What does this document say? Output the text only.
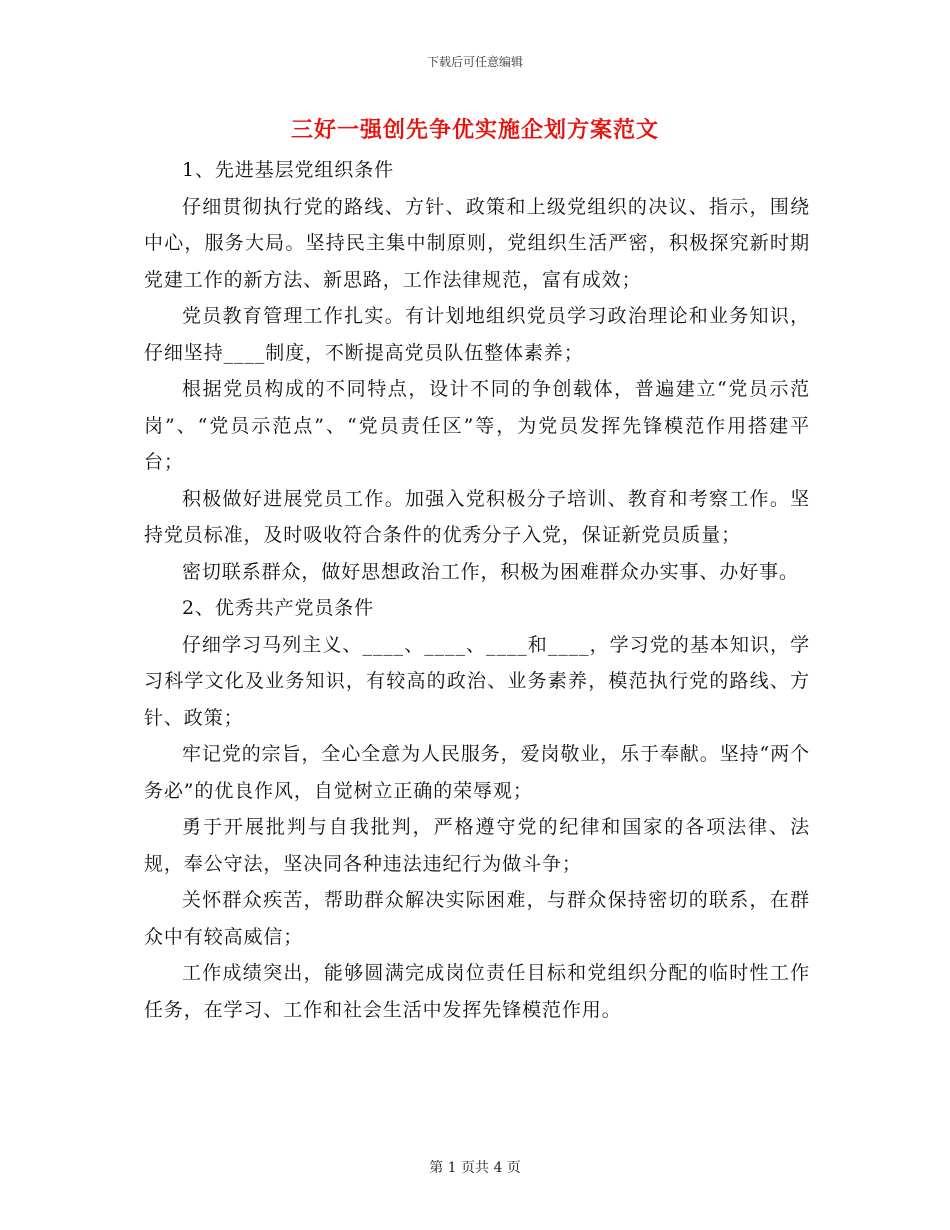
下载后可任意编辑
三好一强创先争优实施企划方案范文

1、先进基层党组织条件

仔细贯彻执行党的路线、方针、政策和上级党组织的决议、指示，围绕中心，服务大局。坚持民主集中制原则，党组织生活严密，积极探究新时期党建工作的新方法、新思路，工作法律规范，富有成效；

党员教育管理工作扎实。有计划地组织党员学习政治理论和业务知识，仔细坚持____制度，不断提高党员队伍整体素养；

根据党员构成的不同特点，设计不同的争创载体，普遍建立“党员示范岗”、“党员示范点”、“党员责任区”等，为党员发挥先锋模范作用搭建平台；

积极做好进展党员工作。加强入党积极分子培训、教育和考察工作。坚持党员标准，及时吸收符合条件的优秀分子入党，保证新党员质量；

密切联系群众，做好思想政治工作，积极为困难群众办实事、办好事。

2、优秀共产党员条件

仔细学习马列主义、____、____、____和____，学习党的基本知识，学习科学文化及业务知识，有较高的政治、业务素养，模范执行党的路线、方针、政策；

牢记党的宗旨，全心全意为人民服务，爱岗敬业，乐于奉献。坚持“两个务必”的优良作风，自觉树立正确的荣辱观；

勇于开展批判与自我批判，严格遵守党的纪律和国家的各项法律、法规，奉公守法，坚决同各种违法违纪行为做斗争；

关怀群众疾苦，帮助群众解决实际困难，与群众保持密切的联系，在群众中有较高威信；

工作成绩突出，能够圆满完成岗位责任目标和党组织分配的临时性工作任务，在学习、工作和社会生活中发挥先锋模范作用。

第 1 页共 4 页
